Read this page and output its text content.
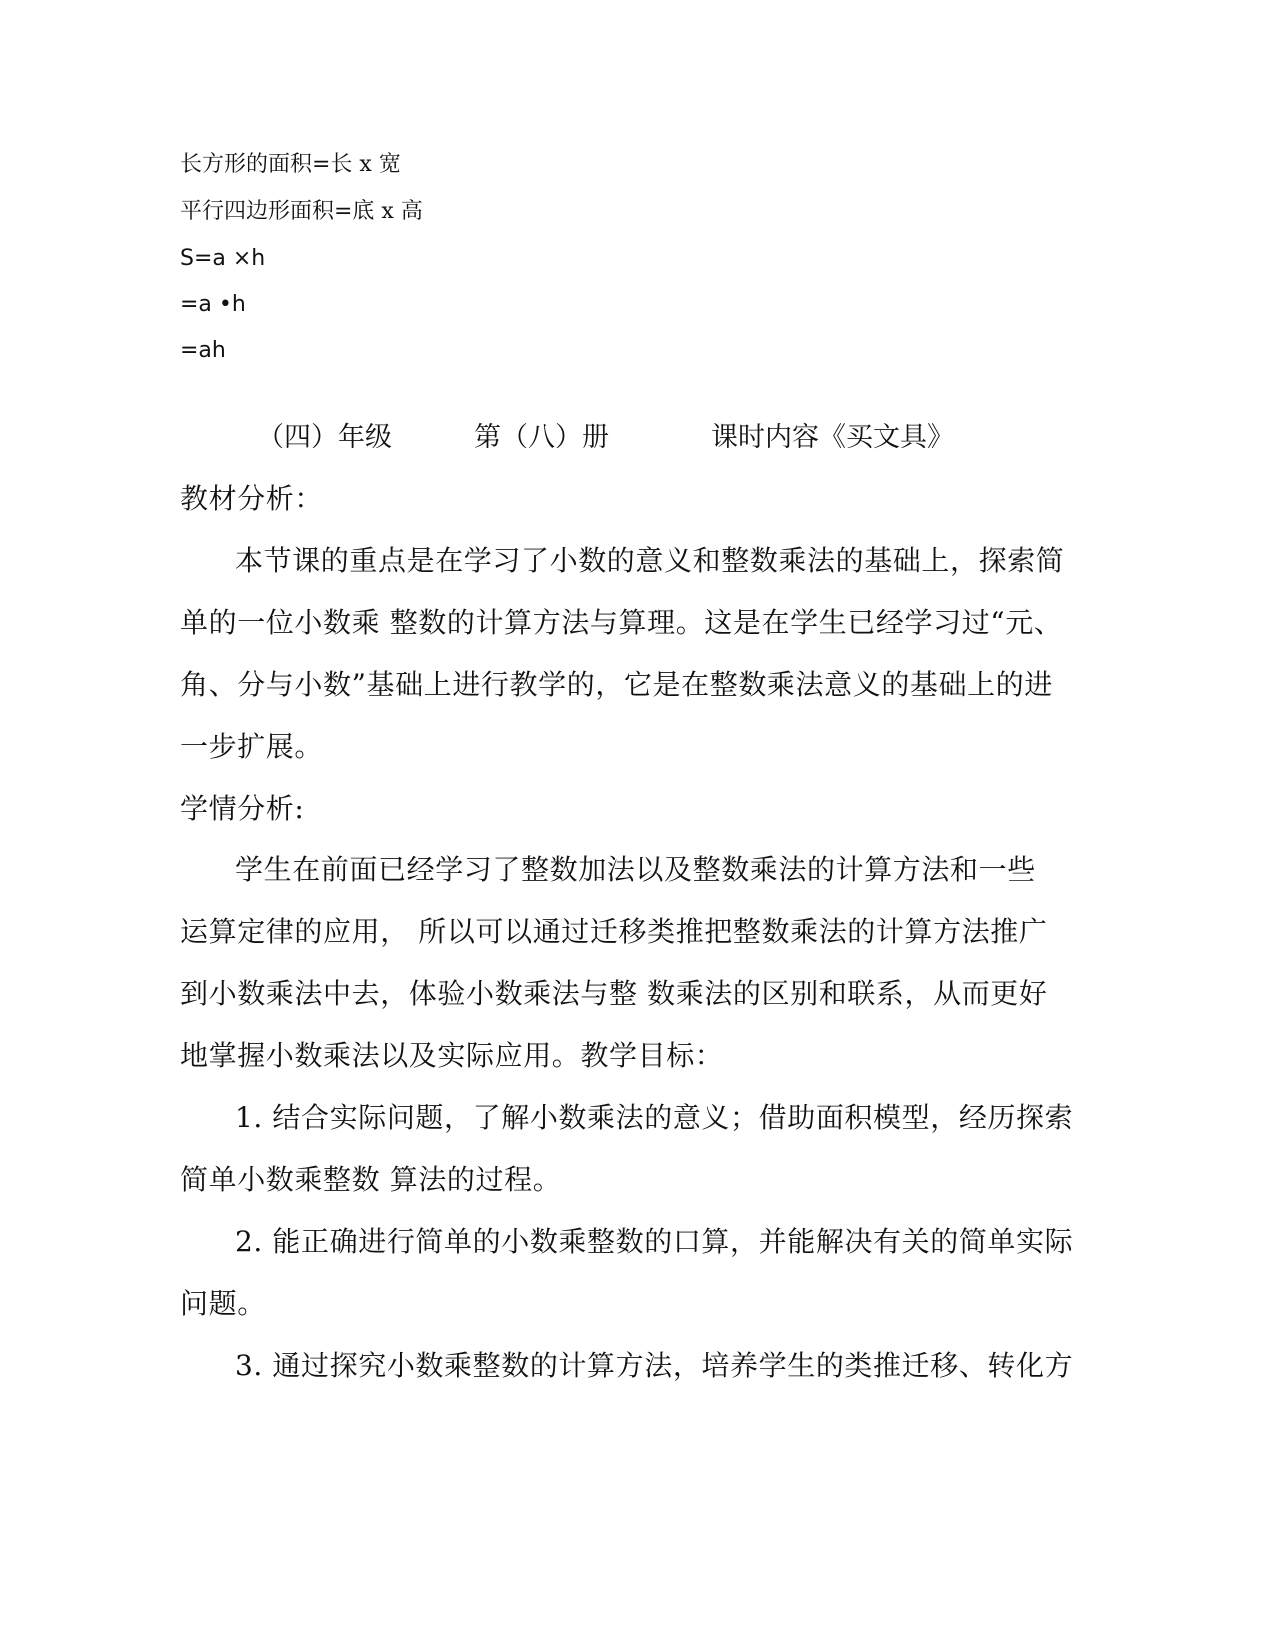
长方形的面积=长 x 宽
平行四边形面积=底 x 高
S=a ×h
=a •h
=ah
（四）年级	第（八）册	课时内容《买文具》
教材分析：
本节课的重点是在学习了小数的意义和整数乘法的基础上，探索简
单的一位小数乘 整数的计算方法与算理。这是在学生已经学习过“元、
角、分与小数”基础上进行教学的，它是在整数乘法意义的基础上的进
一步扩展。
学情分析:
学生在前面已经学习了整数加法以及整数乘法的计算方法和一些
运算定律的应用， 所以可以通过迁移类推把整数乘法的计算方法推广
到小数乘法中去，体验小数乘法与整 数乘法的区别和联系，从而更好
地掌握小数乘法以及实际应用。教学目标：
1. 结合实际问题，了解小数乘法的意义；借助面积模型，经历探索
简单小数乘整数 算法的过程。
2. 能正确进行简单的小数乘整数的口算，并能解决有关的简单实际
问题。
3. 通过探究小数乘整数的计算方法，培养学生的类推迁移、转化方
